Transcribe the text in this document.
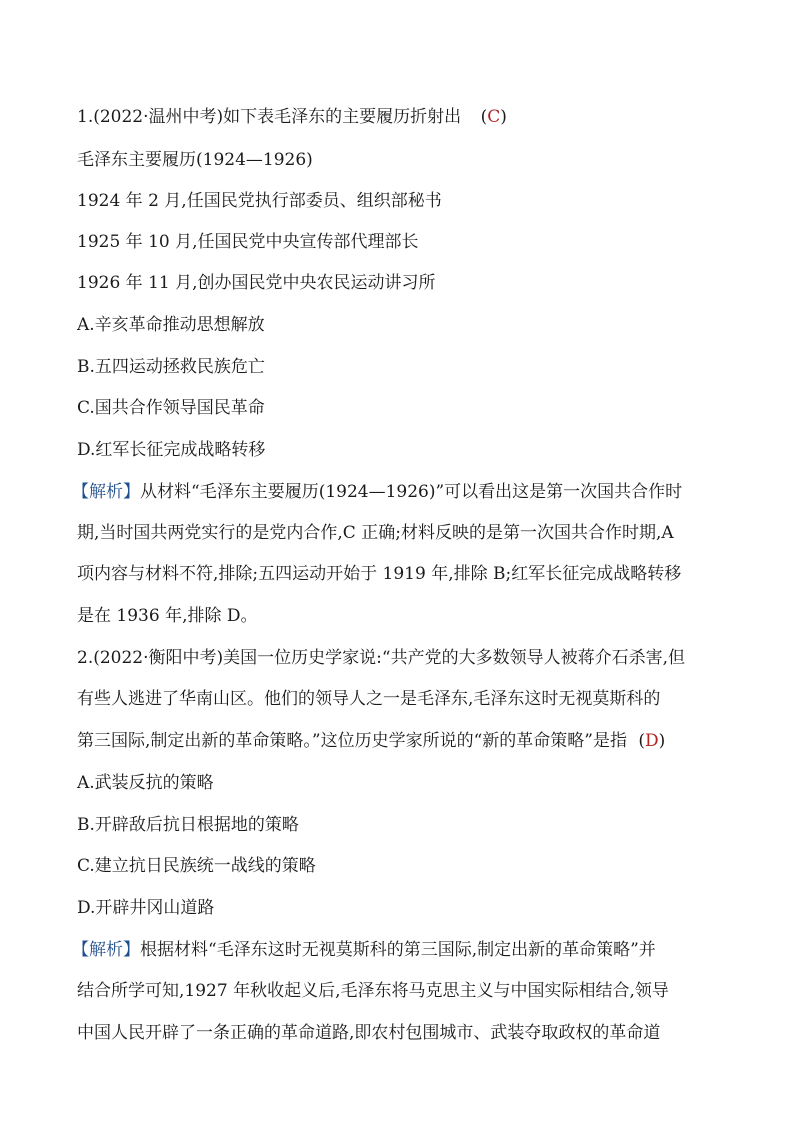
1.(2022·温州中考)如下表毛泽东的主要履历折射出 (C)
毛泽东主要履历(1924—1926)
1924 年 2 月,任国民党执行部委员、组织部秘书
1925 年 10 月,任国民党中央宣传部代理部长
1926 年 11 月,创办国民党中央农民运动讲习所
A.辛亥革命推动思想解放
B.五四运动拯救民族危亡
C.国共合作领导国民革命
D.红军长征完成战略转移
【解析】从材料“毛泽东主要履历(1924—1926)”可以看出这是第一次国共合作时
期,当时国共两党实行的是党内合作,C 正确;材料反映的是第一次国共合作时期,A
项内容与材料不符,排除;五四运动开始于 1919 年,排除 B;红军长征完成战略转移
是在 1936 年,排除 D。
2.(2022·衡阳中考)美国一位历史学家说:“共产党的大多数领导人被蒋介石杀害,但
有些人逃进了华南山区。他们的领导人之一是毛泽东,毛泽东这时无视莫斯科的
第三国际,制定出新的革命策略。”这位历史学家所说的“新的革命策略”是指 (D)
A.武装反抗的策略
B.开辟敌后抗日根据地的策略
C.建立抗日民族统一战线的策略
D.开辟井冈山道路
【解析】根据材料“毛泽东这时无视莫斯科的第三国际,制定出新的革命策略”并
结合所学可知,1927 年秋收起义后,毛泽东将马克思主义与中国实际相结合,领导
中国人民开辟了一条正确的革命道路,即农村包围城市、武装夺取政权的革命道
